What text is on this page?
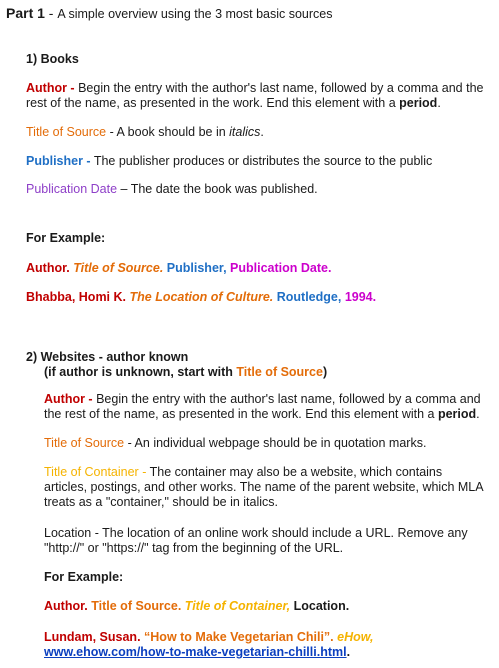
Part 1 - A simple overview using the 3 most basic sources
1) Books
Author - Begin the entry with the author's last name, followed by a comma and the
rest of the name, as presented in the work. End this element with a period.
Title of Source - A book should be in italics.
Publisher - The publisher produces or distributes the source to the public
Publication Date – The date the book was published.
For Example:
Author. Title of Source. Publisher, Publication Date.
Bhabba, Homi K. The Location of Culture. Routledge, 1994.
2) Websites - author known
(if author is unknown, start with Title of Source)
Author - Begin the entry with the author's last name, followed by a comma and
the rest of the name, as presented in the work. End this element with a period.
Title of Source - An individual webpage should be in quotation marks.
Title of Container - The container may also be a website, which contains
articles, postings, and other works. The name of the parent website, which MLA
treats as a "container," should be in italics.
Location - The location of an online work should include a URL. Remove any
"http://" or "https://" tag from the beginning of the URL.
For Example:
Author. Title of Source. Title of Container, Location.
Lundam, Susan. “How to Make Vegetarian Chili”. eHow,
www.ehow.com/how-to-make-vegetarian-chilli.html.
